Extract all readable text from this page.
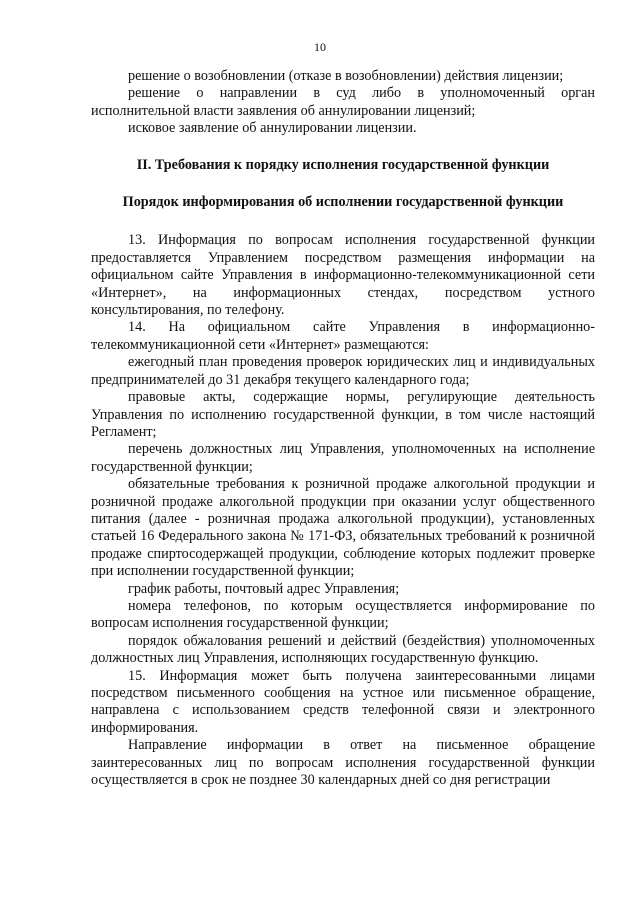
10

решение о возобновлении (отказе в возобновлении) действия лицензии;

решение о направлении в суд либо в уполномоченный орган исполнительной власти заявления об аннулировании лицензий;

исковое заявление об аннулировании лицензии.

II. Требования к порядку исполнения государственной функции
Порядок информирования об исполнении государственной функции

13. Информация по вопросам исполнения государственной функции предоставляется Управлением посредством размещения информации на официальном сайте Управления в информационно-телекоммуникационной сети «Интернет», на информационных стендах, посредством устного консультирования, по телефону.

14. На официальном сайте Управления в информационно-телекоммуникационной сети «Интернет» размещаются:

ежегодный план проведения проверок юридических лиц и индивидуальных предпринимателей до 31 декабря текущего календарного года;

правовые акты, содержащие нормы, регулирующие деятельность Управления по исполнению государственной функции, в том числе настоящий Регламент;

перечень должностных лиц Управления, уполномоченных на исполнение государственной функции;

обязательные требования к розничной продаже алкогольной продукции и розничной продаже алкогольной продукции при оказании услуг общественного питания (далее - розничная продажа алкогольной продукции), установленных статьей 16 Федерального закона № 171-ФЗ, обязательных требований к розничной продаже спиртосодержащей продукции, соблюдение которых подлежит проверке при исполнении государственной функции;

график работы, почтовый адрес Управления;

номера телефонов, по которым осуществляется информирование по вопросам исполнения государственной функции;

порядок обжалования решений и действий (бездействия) уполномоченных должностных лиц Управления, исполняющих государственную функцию.

15. Информация может быть получена заинтересованными лицами посредством письменного сообщения на устное или письменное обращение, направлена с использованием средств телефонной связи и электронного информирования.

Направление информации в ответ на письменное обращение заинтересованных лиц по вопросам исполнения государственной функции осуществляется в срок не позднее 30 календарных дней со дня регистрации
